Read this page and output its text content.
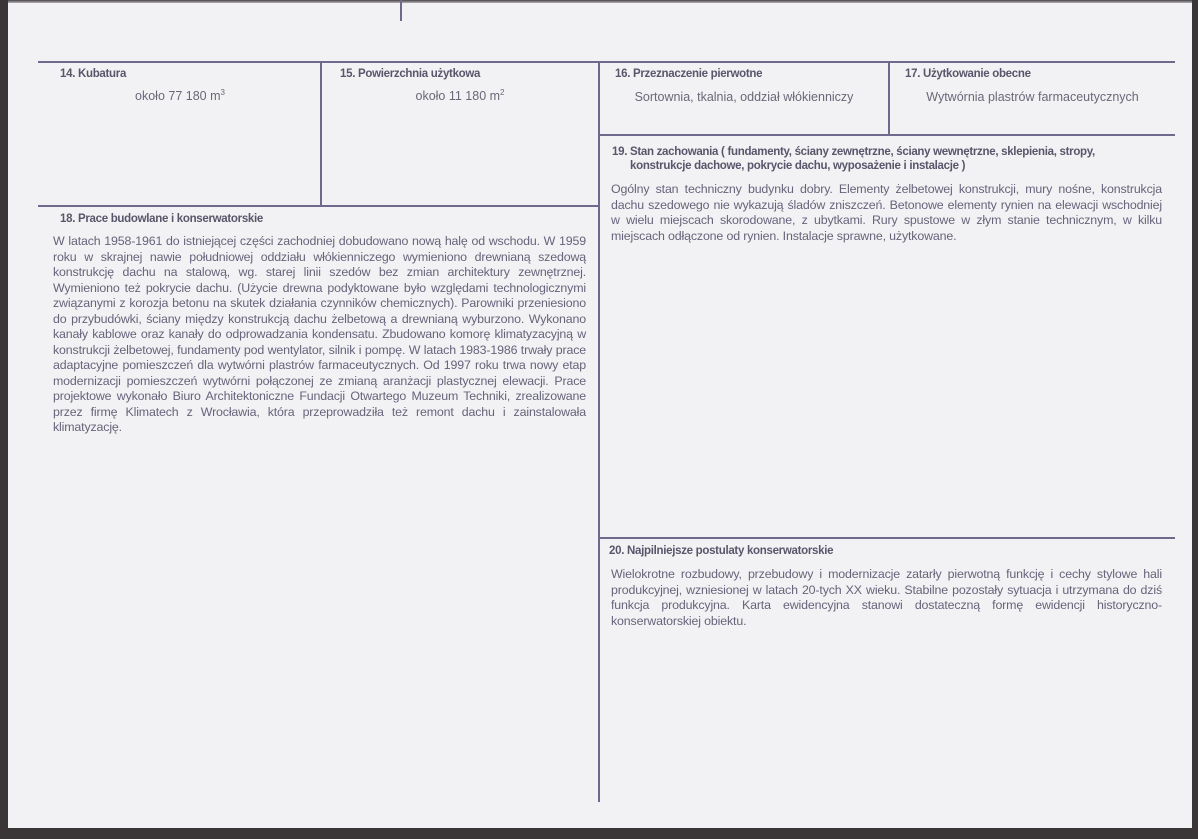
14. Kubatura
około 77 180 $m^3$
15. Powierzchnia użytkowa
około 11 180 $m^2$
16. Przeznaczenie pierwotne
Sortownia, tkalnia, oddział włókienniczy
17. Użytkowanie obecne
Wytwórnia plastrów farmaceutycznych
19. Stan zachowania ( fundamenty, ściany zewnętrzne, ściany wewnętrzne, sklepienia, stropy,
konstrukcje dachowe, pokrycie dachu, wyposażenie i instalacje )
Ogólny stan techniczny budynku dobry. Elementy żelbetowej konstrukcji, mury nośne, konstrukcja dachu szedowego nie wykazują śladów zniszczeń. Betonowe elementy rynien na elewacji wschodniej w wielu miejscach skorodowane, z ubytkami. Rury spustowe w złym stanie technicznym, w kilku miejscach odłączone od rynien. Instalacje sprawne, użytkowane.
18. Prace budowlane i konserwatorskie
W latach 1958-1961 do istniejącej części zachodniej dobudowano nową halę od wschodu. W 1959 roku w skrajnej nawie południowej oddziału włókienniczego wymieniono drewnianą szedową konstrukcję dachu na stalową, wg. starej linii szedów bez zmian architektury zewnętrznej. Wymieniono też pokrycie dachu. (Użycie drewna podyktowane było względami technologicznymi związanymi z korozja betonu na skutek działania czynników chemicznych). Parowniki przeniesiono do przybudówki, ściany między konstrukcją dachu żelbetową a drewnianą wyburzono. Wykonano kanały kablowe oraz kanały do odprowadzania kondensatu. Zbudowano komorę klimatyzacyjną w konstrukcji żelbetowej, fundamenty pod wentylator, silnik i pompę. W latach 1983-1986 trwały prace adaptacyjne pomieszczeń dla wytwórni plastrów farmaceutycznych. Od 1997 roku trwa nowy etap modernizacji pomieszczeń wytwórni połączonej ze zmianą aranżacji plastycznej elewacji. Prace projektowe wykonało Biuro Architektoniczne Fundacji Otwartego Muzeum Techniki, zrealizowane przez firmę Klimatech z Wrocławia, która przeprowadziła też remont dachu i zainstalowała klimatyzację.
20. Najpilniejsze postulaty konserwatorskie
Wielokrotne rozbudowy, przebudowy i modernizacje zatarły pierwotną funkcję i cechy stylowe hali produkcyjnej, wzniesionej w latach 20-tych XX wieku. Stabilne pozostały sytuacja i utrzymana do dziś funkcja produkcyjna. Karta ewidencyjna stanowi dostateczną formę ewidencji historyczno-konserwatorskiej obiektu.
